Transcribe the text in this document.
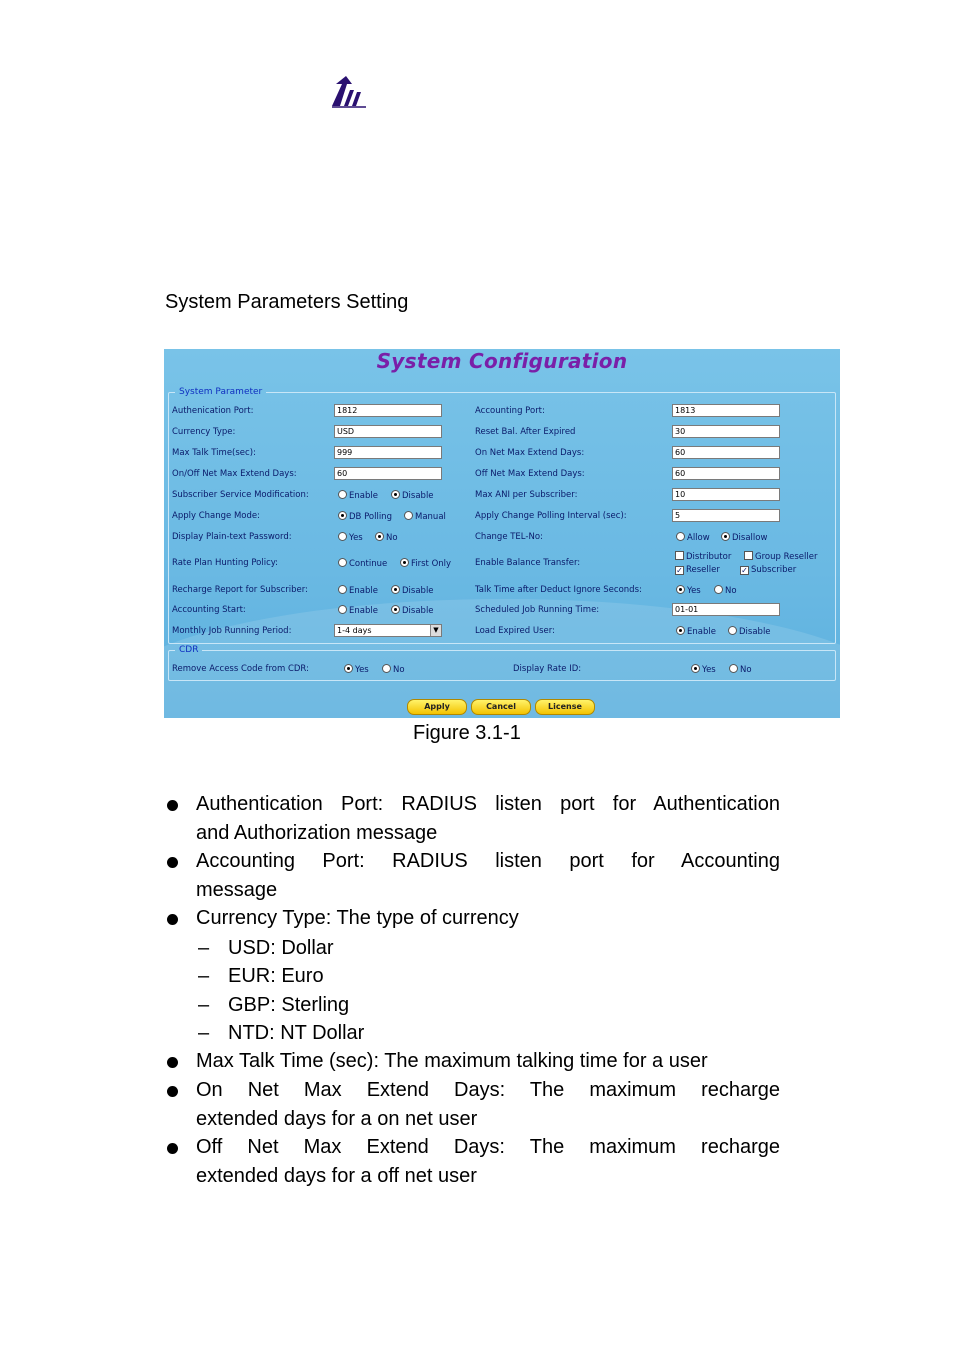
System Parameters Setting
System Configuration
System Parameter
Authenication Port:	1812	Accounting Port:	1813
Currency Type:	USD	Reset Bal. After Expired	30
Max Talk Time(sec):	999	On Net Max Extend Days:	60
On/Off Net Max Extend Days:	60	Off Net Max Extend Days:	60
Subscriber Service Modification:	Enable	Disable	Max ANI per Subscriber:	10
Apply Change Mode:	DB Polling	Manual	Apply Change Polling Interval (sec):	5
Display Plain-text Password:	Yes	No	Change TEL-No:	Allow	Disallow
Rate Plan Hunting Policy:	Continue	First Only	Enable Balance Transfer:
Distributor	Group Reseller
✓ Reseller	✓ Subscriber
Recharge Report for Subscriber:	Enable	Disable	Talk Time after Deduct Ignore Seconds:	Yes	No
Accounting Start:	Enable	Disable	Scheduled Job Running Time:	01-01
Monthly Job Running Period:	1-4 days	▼	Load Expired User:	Enable	Disable
CDR
Remove Access Code from CDR:	Yes	No	Display Rate ID:	Yes	No
Apply	Cancel	License
Figure 3.1-1
Authentication Port: RADIUS listen port for Authentication
and Authorization message
Accounting Port: RADIUS listen port for Accounting
message
Currency Type: The type of currency
– USD: Dollar
– EUR: Euro
– GBP: Sterling
– NTD: NT Dollar
Max Talk Time (sec): The maximum talking time for a user
On Net Max Extend Days: The maximum recharge
extended days for a on net user
Off Net Max Extend Days: The maximum recharge
extended days for a off net user
